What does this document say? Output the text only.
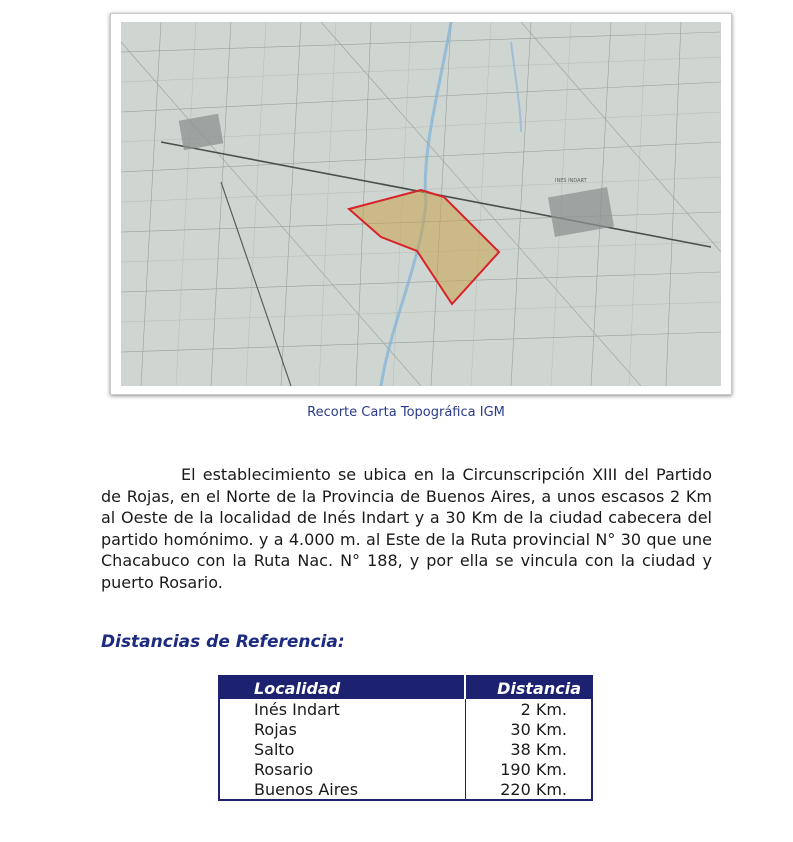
INES INDART
Recorte Carta Topográfica IGM

El establecimiento se ubica en la Circunscripción XIII del Partido de Rojas, en el Norte de la Provincia de Buenos Aires, a unos escasos 2 Km al Oeste de la localidad de Inés Indart y a 30 Km de la ciudad cabecera del partido homónimo. y a 4.000 m. al Este de la Ruta provincial N° 30 que une Chacabuco con la Ruta Nac. N° 188, y por ella se vincula con la ciudad y puerto Rosario.

Distancias de Referencia:
Localidad	Distancia
Inés Indart	2 Km.
Rojas	30 Km.
Salto	38 Km.
Rosario	190 Km.
Buenos Aires	220 Km.
